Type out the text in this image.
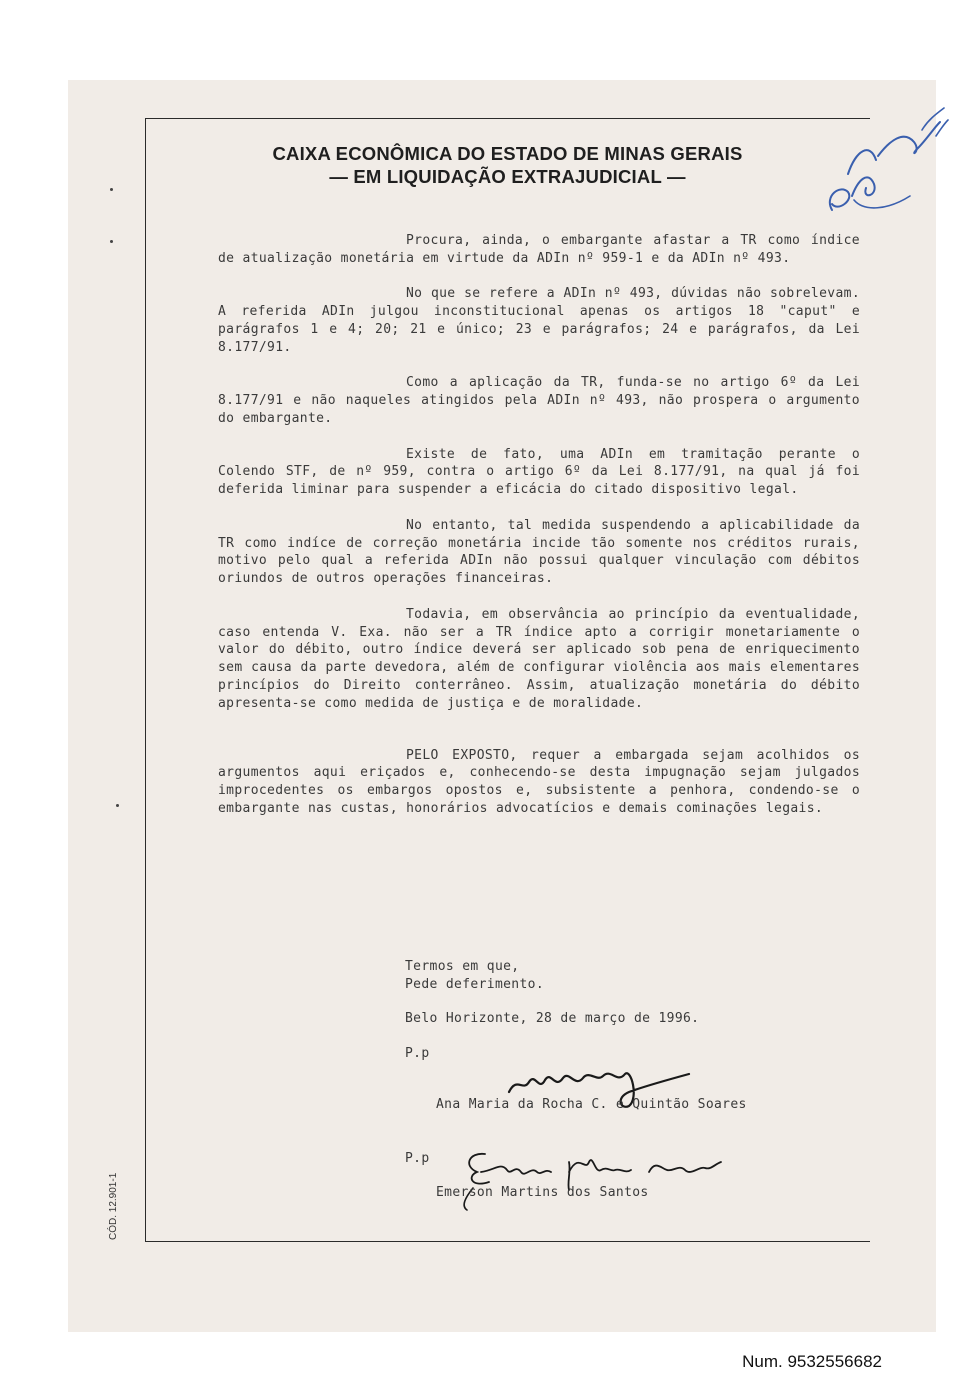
CAIXA ECONÔMICA DO ESTADO DE MINAS GERAIS
— EM LIQUIDAÇÃO EXTRAJUDICIAL —

Procura, ainda, o embargante afastar a TR como índice de atualização monetária em virtude da ADIn nº 959-1 e da ADIn nº 493.

No que se refere a ADIn nº 493, dúvidas não sobrelevam. A referida ADIn julgou inconstitucional apenas os artigos 18 "caput" e parágrafos 1 e 4; 20; 21 e único; 23 e parágrafos; 24 e parágrafos, da Lei 8.177/91.

Como a aplicação da TR, funda-se no artigo 6º da Lei 8.177/91 e não naqueles atingidos pela ADIn nº 493, não prospera o argumento do embargante.

Existe de fato, uma ADIn em tramitação perante o Colendo STF, de nº 959, contra o artigo 6º da Lei 8.177/91, na qual já foi deferida liminar para suspender a eficácia do citado dispositivo legal.

No entanto, tal medida suspendendo a aplicabilidade da TR como indíce de correção monetária incide tão somente nos créditos rurais, motivo pelo qual a referida ADIn não possui qualquer vinculação com débitos oriundos de outros operações financeiras.

Todavia, em observância ao princípio da eventualidade, caso entenda V. Exa. não ser a TR índice apto a corrigir monetariamente o valor do débito, outro índice deverá ser aplicado sob pena de enriquecimento sem causa da parte devedora, além de configurar violência aos mais elementares princípios do Direito conterrâneo. Assim, atualização monetária do débito apresenta-se como medida de justiça e de moralidade.

PELO EXPOSTO, requer a embargada sejam acolhidos os argumentos aqui eriçados e, conhecendo-se desta impugnação sejam julgados improcedentes os embargos opostos e, subsistente a penhora, condendo-se o embargante nas custas, honorários advocatícios e demais cominações legais.

Termos em que,
Pede deferimento.
Belo Horizonte, 28 de março de 1996.
P.p
Ana Maria da Rocha C. e Quintão Soares
P.p
Emerson Martins dos Santos
CÓD. 12.901-1
Num. 9532556682
